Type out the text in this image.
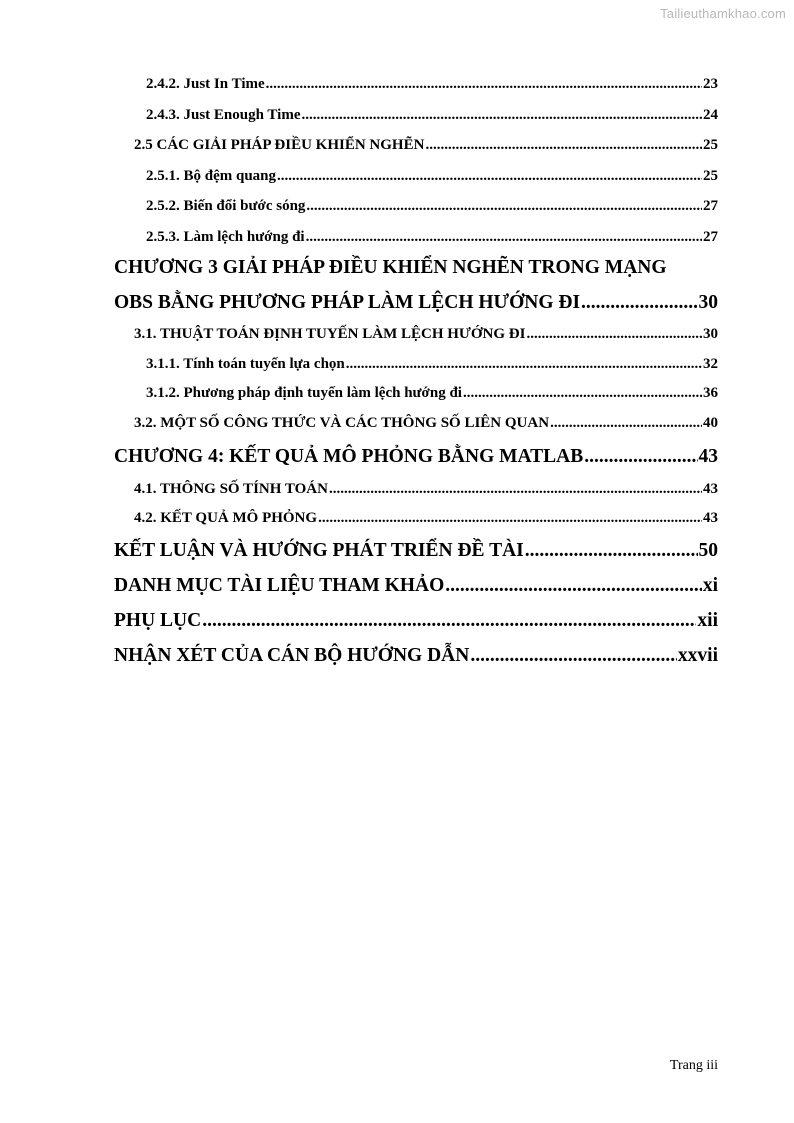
Tailieuthamkhao.com
2.4.2. Just In Time .....	23
2.4.3. Just Enough Time .....	24
2.5 CÁC GIẢI PHÁP ĐIỀU KHIỂN NGHẼN .....	25
2.5.1. Bộ đệm quang .....	25
2.5.2. Biến đổi bước sóng .....	27
2.5.3. Làm lệch hướng đi .....	27
CHƯƠNG 3 GIẢI PHÁP ĐIỀU KHIỂN NGHẼN TRONG MẠNG
OBS BẰNG PHƯƠNG PHÁP LÀM LỆCH HƯỚNG ĐI .....	30
3.1. THUẬT TOÁN ĐỊNH TUYẾN LÀM LỆCH HƯỚNG ĐI .....	30
3.1.1. Tính toán tuyến lựa chọn .....	32
3.1.2. Phương pháp định tuyến làm lệch hướng đi .....	36
3.2. MỘT SỐ CÔNG THỨC VÀ CÁC THÔNG SỐ LIÊN QUAN .....	40
CHƯƠNG 4: KẾT QUẢ MÔ PHỎNG BẰNG MATLAB .....	43
4.1. THÔNG SỐ TÍNH TOÁN .....	43
4.2. KẾT QUẢ MÔ PHỎNG .....	43
KẾT LUẬN VÀ HƯỚNG PHÁT TRIỂN ĐỀ TÀI .....	50
DANH MỤC TÀI LIỆU THAM KHẢO .....	xi
PHỤ LỤC .....	xii
NHẬN XÉT CỦA CÁN BỘ HƯỚNG DẪN .....	xxvii
Trang iii
